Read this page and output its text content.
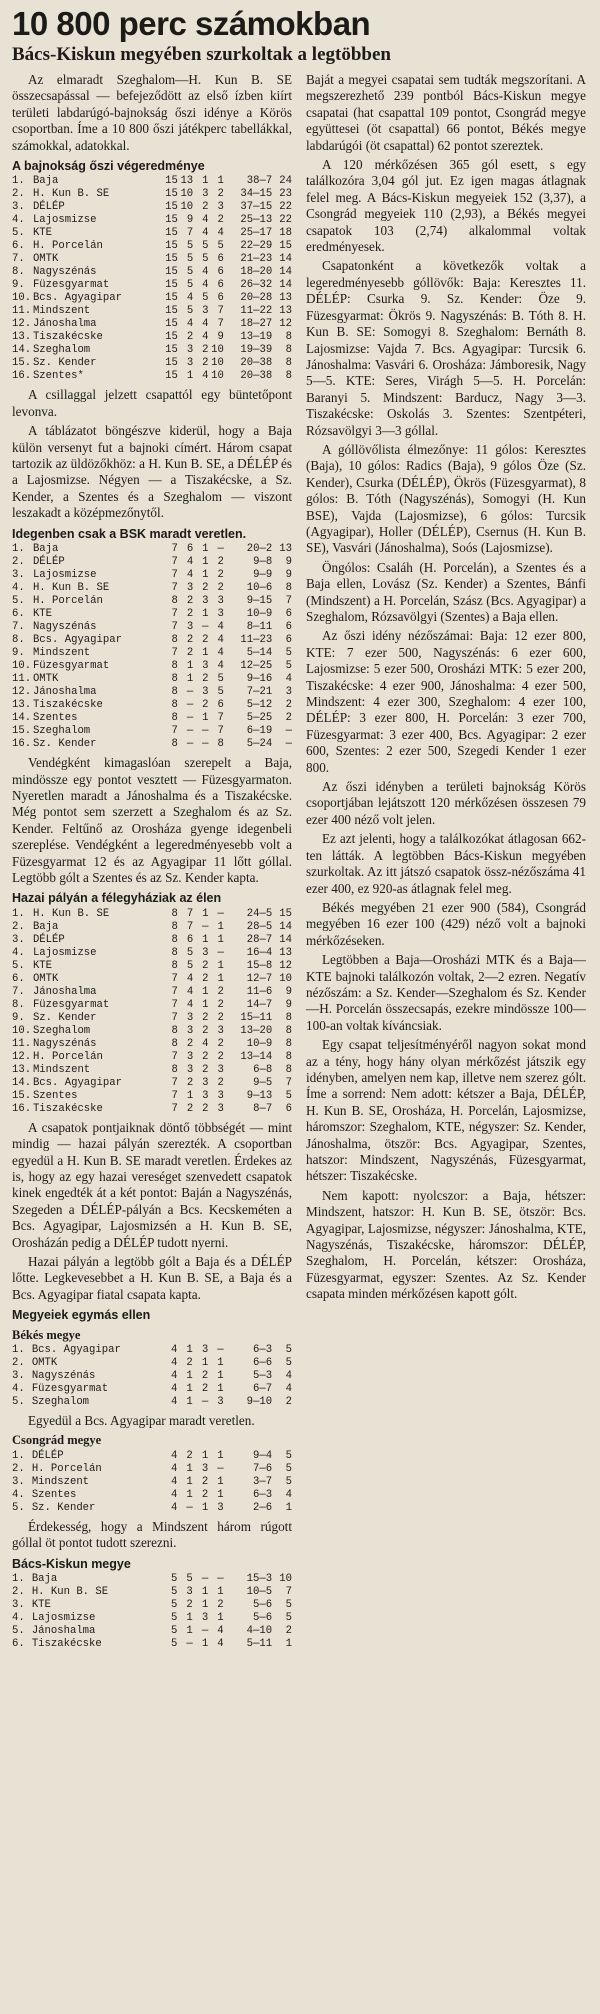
10 800 perc számokban
Bács-Kiskun megyében szurkoltak a legtöbben

Az elmaradt Szeghalom—H. Kun B. SE összecsapással — befejeződött az első ízben kiírt területi labdarúgó-bajnokság őszi idénye a Körös csoportban. Íme a 10 800 őszi játékperc tabellákkal, számokkal, adatokkal.

A bajnokság őszi végeredménye
1.	Baja	15	13	1	1	38—7	24
2.	H. Kun B. SE	15	10	3	2	34—15	23
3.	DÉLÉP	15	10	2	3	37—15	22
4.	Lajosmizse	15	9	4	2	25—13	22
5.	KTE	15	7	4	4	25—17	18
6.	H. Porcelán	15	5	5	5	22—29	15
7.	OMTK	15	5	5	6	21—23	14
8.	Nagyszénás	15	5	4	6	18—20	14
9.	Füzesgyarmat	15	5	4	6	26—32	14
10.	Bcs. Agyagipar	15	4	5	6	20—28	13
11.	Mindszent	15	5	3	7	11—22	13
12.	Jánoshalma	15	4	4	7	18—27	12
13.	Tiszakécske	15	2	4	9	13—19	8
14.	Szeghalom	15	3	2	10	19—39	8
15.	Sz. Kender	15	3	2	10	20—38	8
16.	Szentes*	15	1	4	10	20—38	8

A csillaggal jelzett csapattól egy büntetőpont levonva.

A táblázatot böngészve kiderül, hogy a Baja külön versenyt fut a bajnoki címért. Három csapat tartozik az üldözőkhöz: a H. Kun B. SE, a DÉLÉP és a Lajosmizse. Négyen — a Tiszakécske, a Sz. Kender, a Szentes és a Szeghalom — viszont leszakadt a középmezőnytől.

Idegenben csak a BSK maradt veretlen.
1.	Baja	7	6	1	—	20—2	13
2.	DÉLÉP	7	4	1	2	9—8	9
3.	Lajosmizse	7	4	1	2	9—9	9
4.	H. Kun B. SE	7	3	2	2	10—6	8
5.	H. Porcelán	8	2	3	3	9—15	7
6.	KTE	7	2	1	3	10—9	6
7.	Nagyszénás	7	3	—	4	8—11	6
8.	Bcs. Agyagipar	8	2	2	4	11—23	6
9.	Mindszent	7	2	1	4	5—14	5
10.	Füzesgyarmat	8	1	3	4	12—25	5
11.	OMTK	8	1	2	5	9—16	4
12.	Jánoshalma	8	—	3	5	7—21	3
13.	Tiszakécske	8	—	2	6	5—12	2
14.	Szentes	8	—	1	7	5—25	2
15.	Szeghalom	7	—	—	7	6—19	—
16.	Sz. Kender	8	—	—	8	5—24	—

Vendégként kimagaslóan szerepelt a Baja, mindössze egy pontot vesztett — Füzesgyarmaton. Nyeretlen maradt a Jánoshalma és a Tiszakécske. Még pontot sem szerzett a Szeghalom és az Sz. Kender. Feltűnő az Orosháza gyenge idegenbeli szereplése. Vendégként a legeredményesebb volt a Füzesgyarmat 12 és az Agyagipar 11 lőtt góllal. Legtöbb gólt a Szentes és az Sz. Kender kapta.

Hazai pályán a félegyháziak az élen
1.	H. Kun B. SE	8	7	1	—	24—5	15
2.	Baja	8	7	—	1	28—5	14
3.	DÉLÉP	8	6	1	1	28—7	14
4.	Lajosmizse	8	5	3	—	16—4	13
5.	KTE	8	5	2	1	15—8	12
6.	OMTK	7	4	2	1	12—7	10
7.	Jánoshalma	7	4	1	2	11—6	9
8.	Füzesgyarmat	7	4	1	2	14—7	9
9.	Sz. Kender	7	3	2	2	15—11	8
10.	Szeghalom	8	3	2	3	13—20	8
11.	Nagyszénás	8	2	4	2	10—9	8
12.	H. Porcelán	7	3	2	2	13—14	8
13.	Mindszent	8	3	2	3	6—8	8
14.	Bcs. Agyagipar	7	2	3	2	9—5	7
15.	Szentes	7	1	3	3	9—13	5
16.	Tiszakécske	7	2	2	3	8—7	6

A csapatok pontjaiknak döntő többségét — mint mindig — hazai pályán szerezték. A csoportban egyedül a H. Kun B. SE maradt veretlen. Érdekes az is, hogy az egy hazai vereséget szenvedett csapatok kinek engedték át a két pontot: Baján a Nagyszénás, Szegeden a DÉLÉP-pályán a Bcs. Kecskeméten a Bcs. Agyagipar, Lajosmizsén a H. Kun B. SE, Orosházán pedig a DÉLÉP tudott nyerni.

Hazai pályán a legtöbb gólt a Baja és a DÉLÉP lőtte. Legkevesebbet a H. Kun B. SE, a Baja és a Bcs. Agyagipar fiatal csapata kapta.

Megyeiek egymás ellen
Békés megye
1.	Bcs. Agyagipar	4	1	3	—	6—3	5
2.	OMTK	4	2	1	1	6—6	5
3.	Nagyszénás	4	1	2	1	5—3	4
4.	Füzesgyarmat	4	1	2	1	6—7	4
5.	Szeghalom	4	1	—	3	9—10	2

Egyedül a Bcs. Agyagipar maradt veretlen.

Csongrád megye
1.	DÉLÉP	4	2	1	1	9—4	5
2.	H. Porcelán	4	1	3	—	7—6	5
3.	Mindszent	4	1	2	1	3—7	5
4.	Szentes	4	1	2	1	6—3	4
5.	Sz. Kender	4	—	1	3	2—6	1

Érdekesség, hogy a Mindszent három rúgott góllal öt pontot tudott szerezni.

Bács-Kiskun megye
1.	Baja	5	5	—	—	15—3	10
2.	H. Kun B. SE	5	3	1	1	10—5	7
3.	KTE	5	2	1	2	5—6	5
4.	Lajosmizse	5	1	3	1	5—6	5
5.	Jánoshalma	5	1	—	4	4—10	2
6.	Tiszakécske	5	—	1	4	5—11	1

Baját a megyei csapatai sem tudták megszorítani. A megszerezhető 239 pontból Bács-Kiskun megye csapatai (hat csapattal 109 pontot, Csongrád megye együttesei (öt csapattal) 66 pontot, Békés megye labdarúgói (öt csapattal) 62 pontot szereztek.

A 120 mérkőzésen 365 gól esett, s egy találkozóra 3,04 gól jut. Ez igen magas átlagnak felel meg. A Bács-Kiskun megyeiek 152 (3,37), a Csongrád megyeiek 110 (2,93), a Békés megyei csapatok 103 (2,74) alkalommal voltak eredményesek.

Csapatonként a következők voltak a legeredményesebb góllövők: Baja: Keresztes 11. DÉLÉP: Csurka 9. Sz. Kender: Öze 9. Füzesgyarmat: Ökrös 9. Nagyszénás: B. Tóth 8. H. Kun B. SE: Somogyi 8. Szeghalom: Bernáth 8. Lajosmizse: Vajda 7. Bcs. Agyagipar: Turcsik 6. Jánoshalma: Vasvári 6. Orosháza: Jámboresik, Nagy 5—5. KTE: Seres, Virágh 5—5. H. Porcelán: Baranyi 5. Mindszent: Barducz, Nagy 3—3. Tiszakécske: Oskolás 3. Szentes: Szentpéteri, Rózsavölgyi 3—3 góllal.

A góllövőlista élmezőnye: 11 gólos: Keresztes (Baja), 10 gólos: Radics (Baja), 9 gólos Öze (Sz. Kender), Csurka (DÉLÉP), Ökrös (Füzesgyarmat), 8 gólos: B. Tóth (Nagyszénás), Somogyi (H. Kun BSE), Vajda (Lajosmizse), 6 gólos: Turcsik (Agyagipar), Holler (DÉLÉP), Csernus (H. Kun B. SE), Vasvári (Jánoshalma), Soós (Lajosmizse).

Öngólos: Csaláh (H. Porcelán), a Szentes és a Baja ellen, Lovász (Sz. Kender) a Szentes, Bánfi (Mindszent) a H. Porcelán, Szász (Bcs. Agyagipar) a Szeghalom, Rózsavölgyi (Szentes) a Baja ellen.

Az őszi idény nézőszámai: Baja: 12 ezer 800, KTE: 7 ezer 500, Nagyszénás: 6 ezer 600, Lajosmizse: 5 ezer 500, Orosházi MTK: 5 ezer 200, Tiszakécske: 4 ezer 900, Jánoshalma: 4 ezer 500, Mindszent: 4 ezer 300, Szeghalom: 4 ezer 100, DÉLÉP: 3 ezer 800, H. Porcelán: 3 ezer 700, Füzesgyarmat: 3 ezer 400, Bcs. Agyagipar: 2 ezer 600, Szentes: 2 ezer 500, Szegedi Kender 1 ezer 800.

Az őszi idényben a területi bajnokság Körös csoportjában lejátszott 120 mérkőzésen összesen 79 ezer 400 néző volt jelen.

Ez azt jelenti, hogy a találkozókat átlagosan 662-ten látták. A legtöbben Bács-Kiskun megyében szurkoltak. Az itt játszó csapatok össz-nézőszáma 41 ezer 400, ez 920-as átlagnak felel meg.

Békés megyében 21 ezer 900 (584), Csongrád megyében 16 ezer 100 (429) néző volt a bajnoki mérkőzéseken.

Legtöbben a Baja—Orosházi MTK és a Baja—KTE bajnoki találkozón voltak, 2—2 ezren. Negatív nézőszám: a Sz. Kender—Szeghalom és Sz. Kender—H. Porcelán összecsapás, ezekre mindössze 100—100-an voltak kíváncsiak.

Egy csapat teljesítményéről nagyon sokat mond az a tény, hogy hány olyan mérkőzést játszik egy idényben, amelyen nem kap, illetve nem szerez gólt. Íme a sorrend: Nem adott: kétszer a Baja, DÉLÉP, H. Kun B. SE, Orosháza, H. Porcelán, Lajosmizse, háromszor: Szeghalom, KTE, négyszer: Sz. Kender, Jánoshalma, ötször: Bcs. Agyagipar, Szentes, hatszor: Mindszent, Nagyszénás, Füzesgyarmat, hétszer: Tiszakécske.

Nem kapott: nyolcszor: a Baja, hétszer: Mindszent, hatszor: H. Kun B. SE, ötször: Bcs. Agyagipar, Lajosmizse, négyszer: Jánoshalma, KTE, Nagyszénás, Tiszakécske, háromszor: DÉLÉP, Szeghalom, H. Porcelán, kétszer: Orosháza, Füzesgyarmat, egyszer: Szentes. Az Sz. Kender csapata minden mérkőzésen kapott gólt.
